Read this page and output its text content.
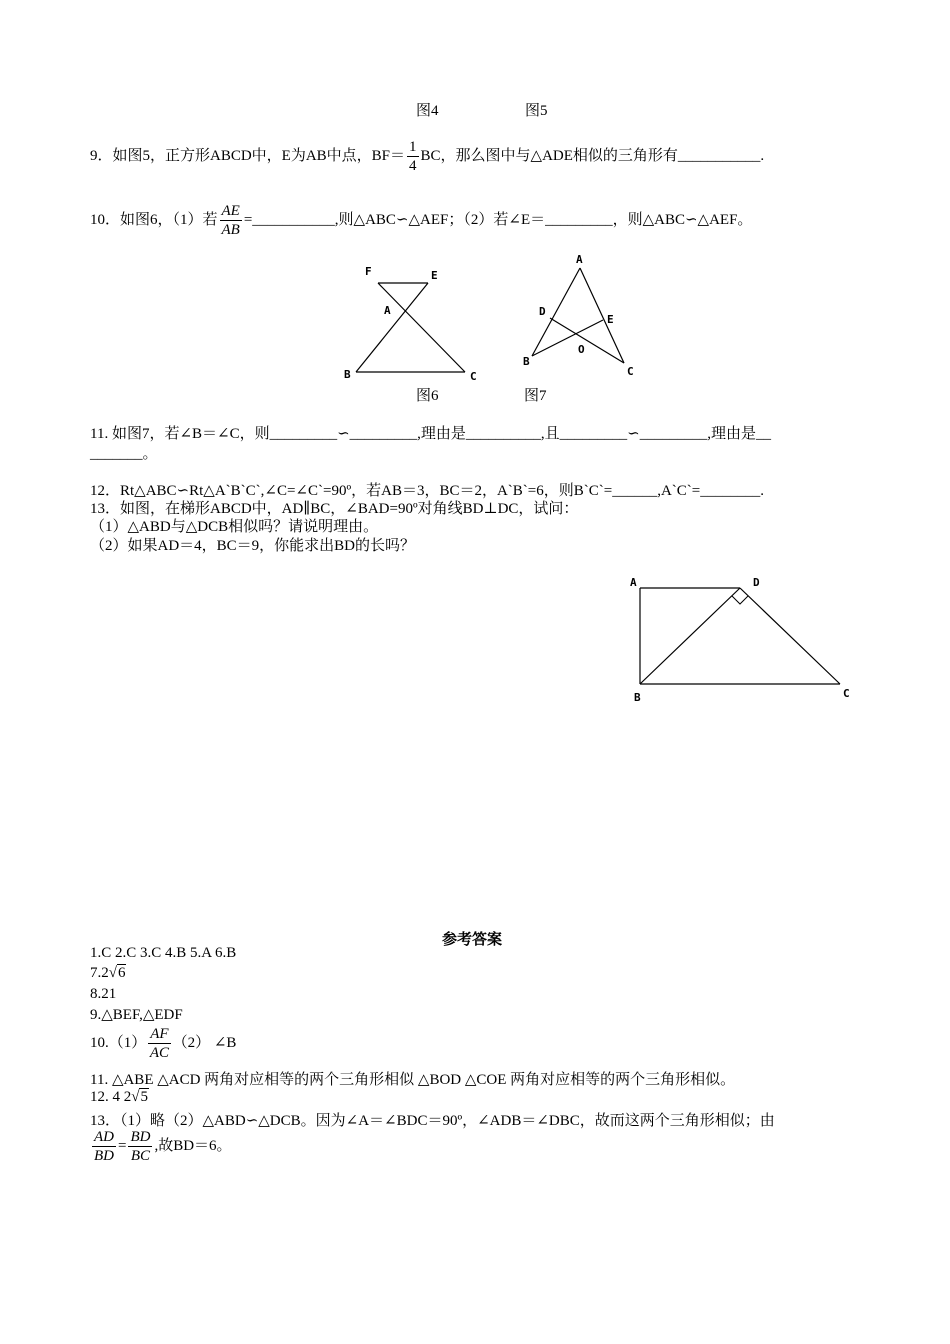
图4	图5
9．如图5，正方形ABCD中，E为AB中点，$BF= \frac{1}{4}$ BC，那么图中与△ADE相似的三角形有___________.
10．如图6，（1）若 $\frac{AE}{AB}$ =___________,则△ABC∽△AEF；（2）若∠E＝_________，则△ABC∽△AEF。
F	E
A
B	C
图6
A
D
E
O
B
C
图7
11. 如图7，若∠B＝∠C，则_________∽_________,理由是__________,且_________∽_________,理由是__
_______。
12．Rt△ABC∽Rt△A`B`C`,∠C=∠C`=90º，若AB＝3，BC＝2，A`B`=6，则B`C`=______,A`C`=________.
13．如图，在梯形ABCD中，AD∥BC，∠BAD=90º对角线BD⊥DC，试问：
（1）△ABD与△DCB相似吗？请说明理由。
（2）如果AD＝4，BC＝9，你能求出BD的长吗？
A	D
B	C
参考答案
1.C 2.C 3.C 4.B 5.A 6.B
7.2√6
8.21
9.△BEF,△EDF
$10.(1) \frac{AF}{AC} (2)$ ∠B
11. △ABE △ACD 两角对应相等的两个三角形相似 △BOD △COE 两角对应相等的两个三角形相似。
12. 4 2√5
13．（1）略（2）△ABD∽△DCB。因为∠A＝∠BDC＝90º，∠ADB＝∠DBC，故而这两个三角形相似；由
$\frac{AD}{BD} = \frac{BD}{BC}$ ,故BD＝6。
